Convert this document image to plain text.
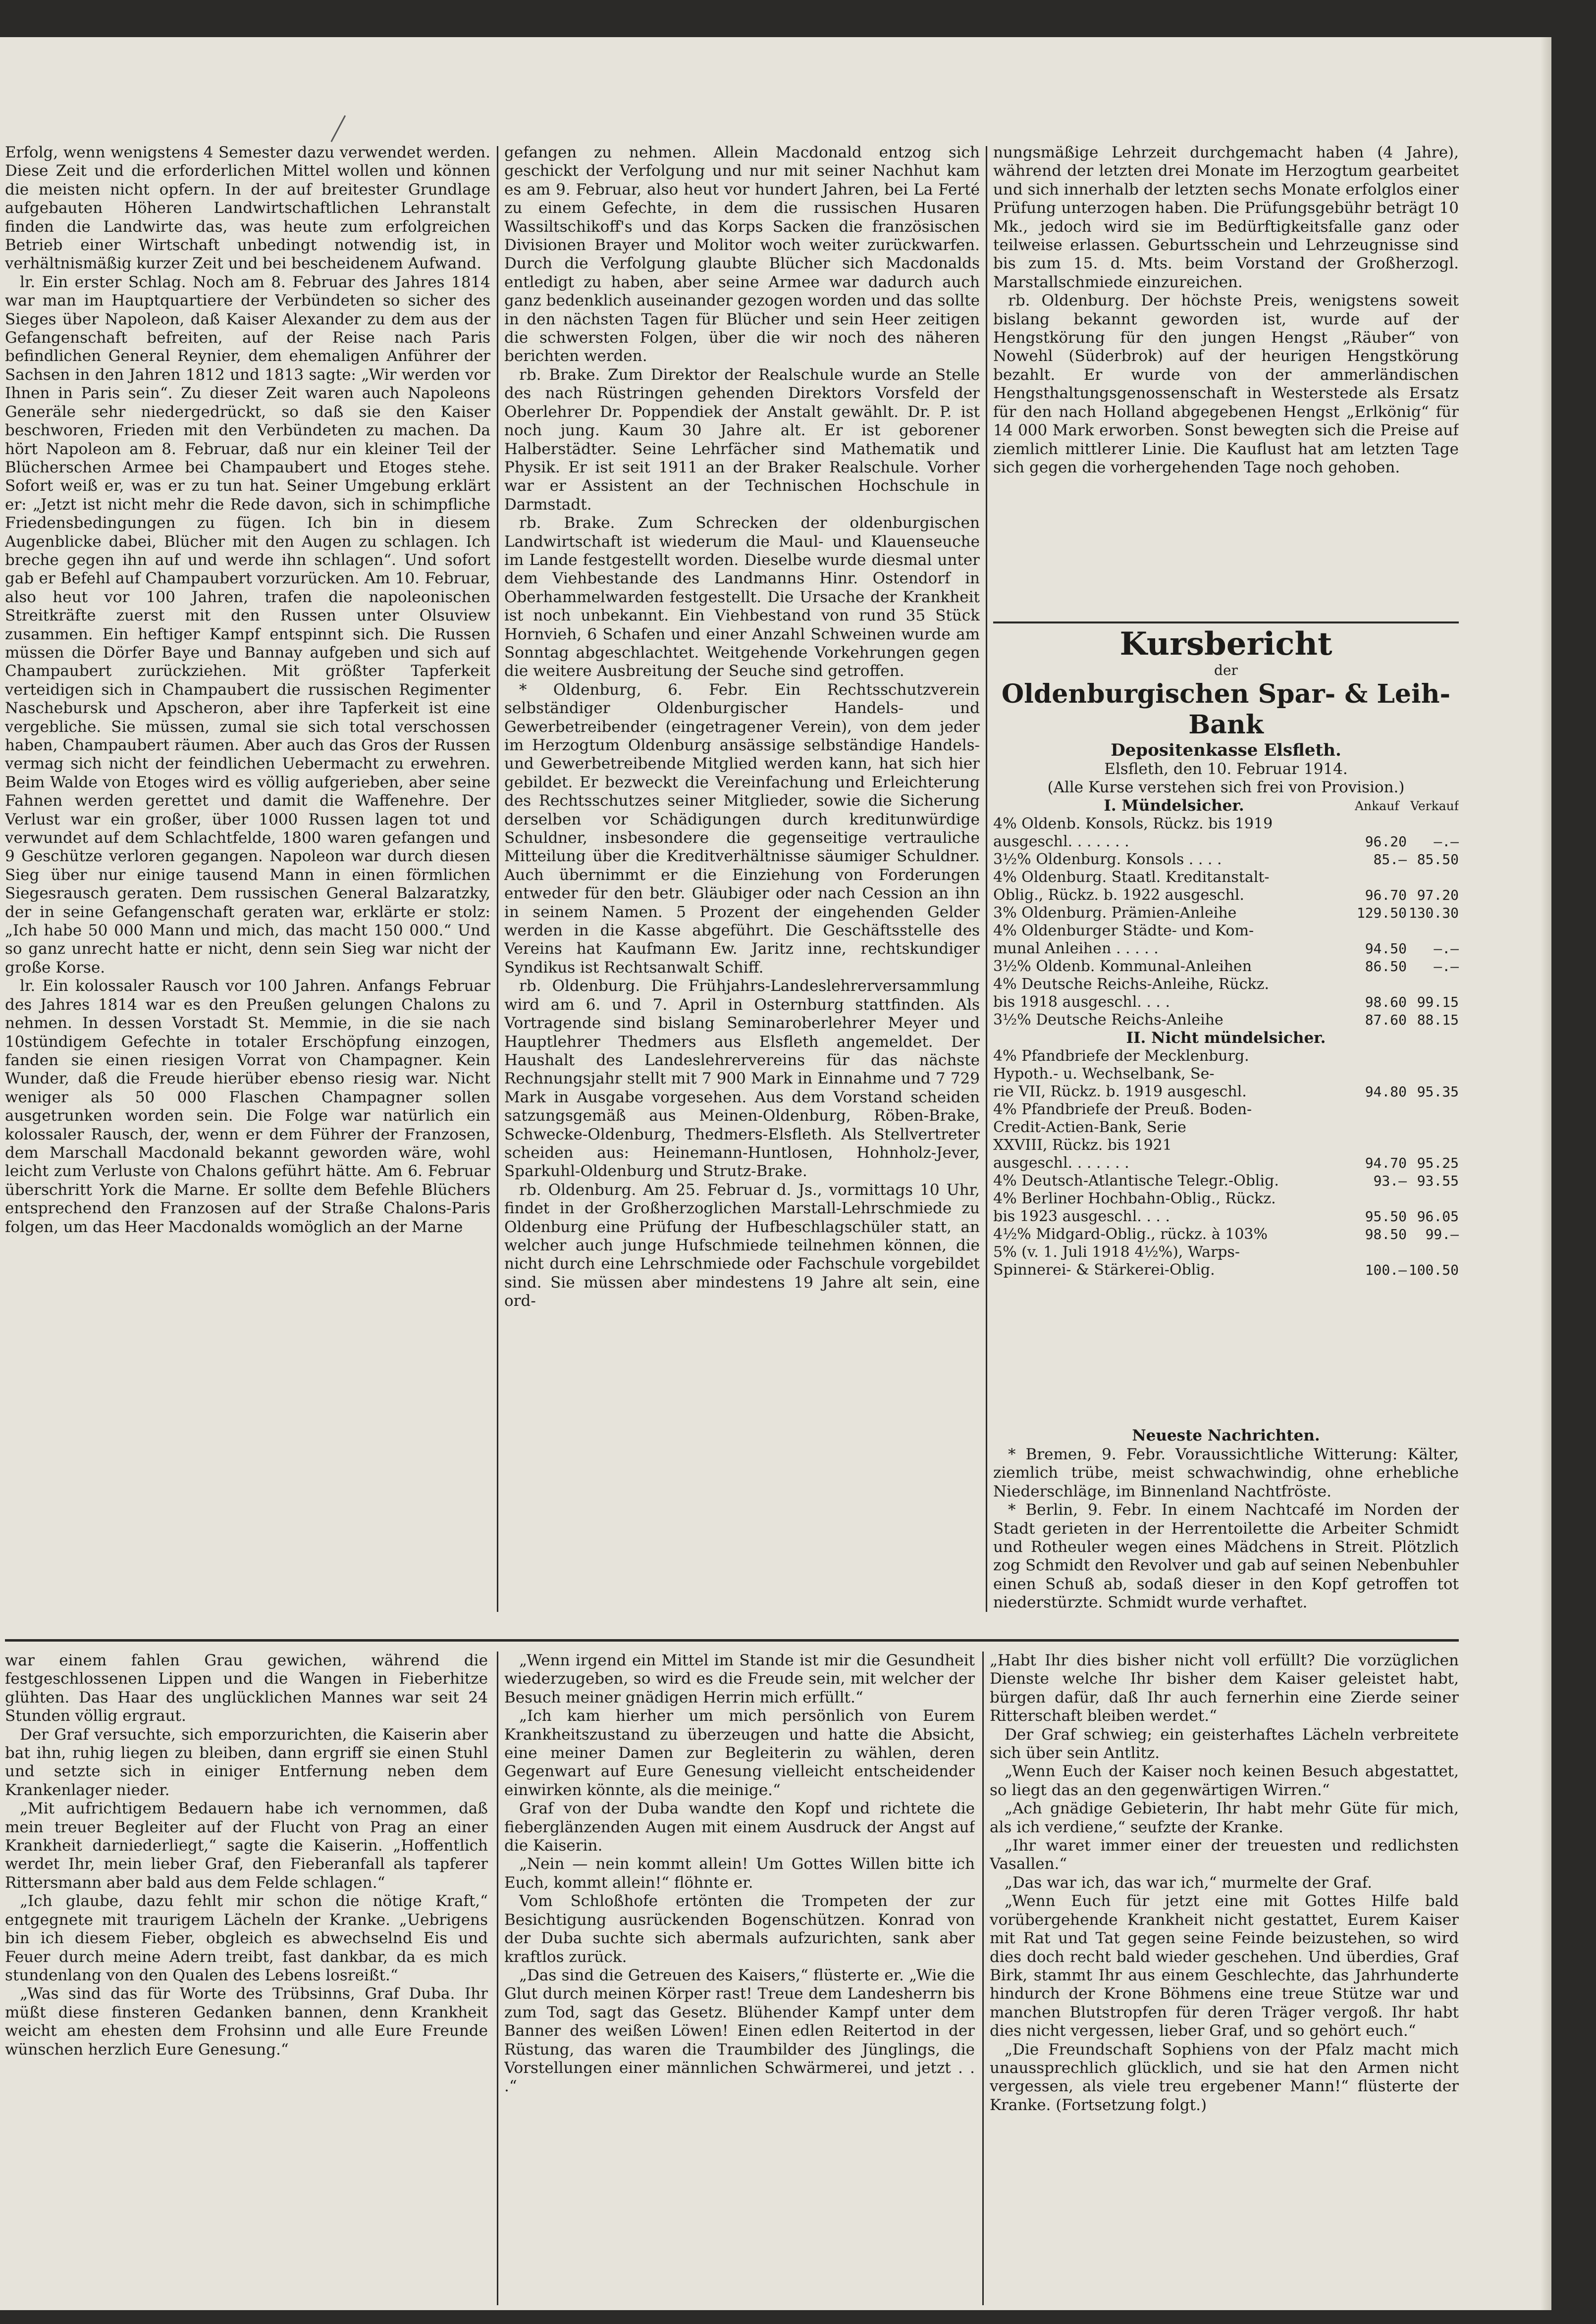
Erfolg, wenn wenigstens 4 Semester dazu verwendet werden. Diese Zeit und die erforderlichen Mittel wollen und können die meisten nicht opfern. In der auf breitester Grundlage aufgebauten Höheren Landwirtschaftlichen Lehranstalt finden die Landwirte das, was heute zum erfolgreichen Betrieb einer Wirtschaft unbedingt notwendig ist, in verhältnismäßig kurzer Zeit und bei bescheidenem Aufwand.

lr. Ein erster Schlag. Noch am 8. Februar des Jahres 1814 war man im Hauptquartiere der Verbündeten so sicher des Sieges über Napoleon, daß Kaiser Alexander zu dem aus der Gefangenschaft befreiten, auf der Reise nach Paris befindlichen General Reynier, dem ehemaligen Anführer der Sachsen in den Jahren 1812 und 1813 sagte: „Wir werden vor Ihnen in Paris sein“. Zu dieser Zeit waren auch Napoleons Generäle sehr niedergedrückt, so daß sie den Kaiser beschworen, Frieden mit den Verbündeten zu machen. Da hört Napoleon am 8. Februar, daß nur ein kleiner Teil der Blücherschen Armee bei Champaubert und Etoges stehe. Sofort weiß er, was er zu tun hat. Seiner Umgebung erklärt er: „Jetzt ist nicht mehr die Rede davon, sich in schimpfliche Friedensbedingungen zu fügen. Ich bin in diesem Augenblicke dabei, Blücher mit den Augen zu schlagen. Ich breche gegen ihn auf und werde ihn schlagen“. Und sofort gab er Befehl auf Champaubert vorzurücken. Am 10. Februar, also heut vor 100 Jahren, trafen die napoleonischen Streitkräfte zuerst mit den Russen unter Olsuview zusammen. Ein heftiger Kampf entspinnt sich. Die Russen müssen die Dörfer Baye und Bannay aufgeben und sich auf Champaubert zurückziehen. Mit größter Tapferkeit verteidigen sich in Champaubert die russischen Regimenter Naschebursk und Apscheron, aber ihre Tapferkeit ist eine vergebliche. Sie müssen, zumal sie sich total verschossen haben, Champaubert räumen. Aber auch das Gros der Russen vermag sich nicht der feindlichen Uebermacht zu erwehren. Beim Walde von Etoges wird es völlig aufgerieben, aber seine Fahnen werden gerettet und damit die Waffenehre. Der Verlust war ein großer, über 1000 Russen lagen tot und verwundet auf dem Schlachtfelde, 1800 waren gefangen und 9 Geschütze verloren gegangen. Napoleon war durch diesen Sieg über nur einige tausend Mann in einen förmlichen Siegesrausch geraten. Dem russischen General Balzaratzky, der in seine Gefangenschaft geraten war, erklärte er stolz: „Ich habe 50 000 Mann und mich, das macht 150 000.“ Und so ganz unrecht hatte er nicht, denn sein Sieg war nicht der große Korse.

lr. Ein kolossaler Rausch vor 100 Jahren. Anfangs Februar des Jahres 1814 war es den Preußen gelungen Chalons zu nehmen. In dessen Vorstadt St. Memmie, in die sie nach 10stündigem Gefechte in totaler Erschöpfung einzogen, fanden sie einen riesigen Vorrat von Champagner. Kein Wunder, daß die Freude hierüber ebenso riesig war. Nicht weniger als 50 000 Flaschen Champagner sollen ausgetrunken worden sein. Die Folge war natürlich ein kolossaler Rausch, der, wenn er dem Führer der Franzosen, dem Marschall Macdonald bekannt geworden wäre, wohl leicht zum Verluste von Chalons geführt hätte. Am 6. Februar überschritt York die Marne. Er sollte dem Befehle Blüchers entsprechend den Franzosen auf der Straße Chalons-Paris folgen, um das Heer Macdonalds womöglich an der Marne

gefangen zu nehmen. Allein Macdonald entzog sich geschickt der Verfolgung und nur mit seiner Nachhut kam es am 9. Februar, also heut vor hundert Jahren, bei La Ferté zu einem Gefechte, in dem die russischen Husaren Wassiltschikoff's und das Korps Sacken die französischen Divisionen Brayer und Molitor woch weiter zurückwarfen. Durch die Verfolgung glaubte Blücher sich Macdonalds entledigt zu haben, aber seine Armee war dadurch auch ganz bedenklich auseinander gezogen worden und das sollte in den nächsten Tagen für Blücher und sein Heer zeitigen die schwersten Folgen, über die wir noch des näheren berichten werden.

rb. Brake. Zum Direktor der Realschule wurde an Stelle des nach Rüstringen gehenden Direktors Vorsfeld der Oberlehrer Dr. Poppendiek der Anstalt gewählt. Dr. P. ist noch jung. Kaum 30 Jahre alt. Er ist geborener Halberstädter. Seine Lehrfächer sind Mathematik und Physik. Er ist seit 1911 an der Braker Realschule. Vorher war er Assistent an der Technischen Hochschule in Darmstadt.

rb. Brake. Zum Schrecken der oldenburgischen Landwirtschaft ist wiederum die Maul- und Klauenseuche im Lande festgestellt worden. Dieselbe wurde diesmal unter dem Viehbestande des Landmanns Hinr. Ostendorf in Oberhammelwarden festgestellt. Die Ursache der Krankheit ist noch unbekannt. Ein Viehbestand von rund 35 Stück Hornvieh, 6 Schafen und einer Anzahl Schweinen wurde am Sonntag abgeschlachtet. Weitgehende Vorkehrungen gegen die weitere Ausbreitung der Seuche sind getroffen.

* Oldenburg, 6. Febr. Ein Rechtsschutzverein selbständiger Oldenburgischer Handels- und Gewerbetreibender (eingetragener Verein), von dem jeder im Herzogtum Oldenburg ansässige selbständige Handels- und Gewerbetreibende Mitglied werden kann, hat sich hier gebildet. Er bezweckt die Vereinfachung und Erleichterung des Rechtsschutzes seiner Mitglieder, sowie die Sicherung derselben vor Schädigungen durch kreditunwürdige Schuldner, insbesondere die gegenseitige vertrauliche Mitteilung über die Kreditverhältnisse säumiger Schuldner. Auch übernimmt er die Einziehung von Forderungen entweder für den betr. Gläubiger oder nach Cession an ihn in seinem Namen. 5 Prozent der eingehenden Gelder werden in die Kasse abgeführt. Die Geschäftsstelle des Vereins hat Kaufmann Ew. Jaritz inne, rechtskundiger Syndikus ist Rechtsanwalt Schiff.

rb. Oldenburg. Die Frühjahrs-Landeslehrerversammlung wird am 6. und 7. April in Osternburg stattfinden. Als Vortragende sind bislang Seminaroberlehrer Meyer und Hauptlehrer Thedmers aus Elsfleth angemeldet. Der Haushalt des Landeslehrervereins für das nächste Rechnungsjahr stellt mit 7 900 Mark in Einnahme und 7 729 Mark in Ausgabe vorgesehen. Aus dem Vorstand scheiden satzungsgemäß aus Meinen-Oldenburg, Röben-Brake, Schwecke-Oldenburg, Thedmers-Elsfleth. Als Stellvertreter scheiden aus: Heinemann-Huntlosen, Hohnholz-Jever, Sparkuhl-Oldenburg und Strutz-Brake.

rb. Oldenburg. Am 25. Februar d. Js., vormittags 10 Uhr, findet in der Großherzoglichen Marstall-Lehrschmiede zu Oldenburg eine Prüfung der Hufbeschlagschüler statt, an welcher auch junge Hufschmiede teilnehmen können, die nicht durch eine Lehrschmiede oder Fachschule vorgebildet sind. Sie müssen aber mindestens 19 Jahre alt sein, eine ord-

nungsmäßige Lehrzeit durchgemacht haben (4 Jahre), während der letzten drei Monate im Herzogtum gearbeitet und sich innerhalb der letzten sechs Monate erfolglos einer Prüfung unterzogen haben. Die Prüfungsgebühr beträgt 10 Mk., jedoch wird sie im Bedürftigkeitsfalle ganz oder teilweise erlassen. Geburtsschein und Lehrzeugnisse sind bis zum 15. d. Mts. beim Vorstand der Großherzogl. Marstallschmiede einzureichen.

rb. Oldenburg. Der höchste Preis, wenigstens soweit bislang bekannt geworden ist, wurde auf der Hengstkörung für den jungen Hengst „Räuber“ von Nowehl (Süderbrok) auf der heurigen Hengstkörung bezahlt. Er wurde von der ammerländischen Hengsthaltungsgenossenschaft in Westerstede als Ersatz für den nach Holland abgegebenen Hengst „Erlkönig“ für 14 000 Mark erworben. Sonst bewegten sich die Preise auf ziemlich mittlerer Linie. Die Kauflust hat am letzten Tage sich gegen die vorhergehenden Tage noch gehoben.

Kursbericht
der
Oldenburgischen Spar- & Leih-Bank
Depositenkasse Elsfleth.
Elsfleth, den 10. Februar 1914.
(Alle Kurse verstehen sich frei von Provision.)
I. Mündelsicher.	Ankauf Verkauf
4% Oldenb. Konsols, Rückz. bis 1919
ausgeschl. . . . . . .	96.20	—.—
3½% Oldenburg. Konsols . . . .	85.— 85.50
4% Oldenburg. Staatl. Kreditanstalt-
Oblig., Rückz. b. 1922 ausgeschl.	96.70 97.20
3% Oldenburg. Prämien-Anleihe	129.50 130.30
4% Oldenburger Städte- und Kom-
munal Anleihen . . . . .	94.50	—.—
3½% Oldenb. Kommunal-Anleihen	86.50	—.—
4% Deutsche Reichs-Anleihe, Rückz.
bis 1918 ausgeschl. . . .	98.60 99.15
3½% Deutsche Reichs-Anleihe	87.60 88.15
II. Nicht mündelsicher.
4% Pfandbriefe der Mecklenburg.
Hypoth.- u. Wechselbank, Se-
rie VII, Rückz. b. 1919 ausgeschl.	94.80 95.35
4% Pfandbriefe der Preuß. Boden-
Credit-Actien-Bank, Serie
XXVIII, Rückz. bis 1921
ausgeschl. . . . . . .	94.70 95.25
4% Deutsch-Atlantische Telegr.-Oblig.	93.— 93.55
4% Berliner Hochbahn-Oblig., Rückz.
bis 1923 ausgeschl. . . .	95.50 96.05
4½% Midgard-Oblig., rückz. à 103%	98.50	99.—
5% (v. 1. Juli 1918 4½%), Warps-
Spinnerei- & Stärkerei-Oblig.	100.— 100.50
Neueste Nachrichten.

* Bremen, 9. Febr. Voraussichtliche Witterung: Kälter, ziemlich trübe, meist schwachwindig, ohne erhebliche Niederschläge, im Binnenland Nachtfröste.

* Berlin, 9. Febr. In einem Nachtcafé im Norden der Stadt gerieten in der Herrentoilette die Arbeiter Schmidt und Rotheuler wegen eines Mädchens in Streit. Plötzlich zog Schmidt den Revolver und gab auf seinen Nebenbuhler einen Schuß ab, sodaß dieser in den Kopf getroffen tot niederstürzte. Schmidt wurde verhaftet.

war einem fahlen Grau gewichen, während die festgeschlossenen Lippen und die Wangen in Fieberhitze glühten. Das Haar des unglücklichen Mannes war seit 24 Stunden völlig ergraut.

Der Graf versuchte, sich emporzurichten, die Kaiserin aber bat ihn, ruhig liegen zu bleiben, dann ergriff sie einen Stuhl und setzte sich in einiger Entfernung neben dem Krankenlager nieder.

„Mit aufrichtigem Bedauern habe ich vernommen, daß mein treuer Begleiter auf der Flucht von Prag an einer Krankheit darniederliegt,“ sagte die Kaiserin. „Hoffentlich werdet Ihr, mein lieber Graf, den Fieberanfall als tapferer Rittersmann aber bald aus dem Felde schlagen.“

„Ich glaube, dazu fehlt mir schon die nötige Kraft,“ entgegnete mit traurigem Lächeln der Kranke. „Uebrigens bin ich diesem Fieber, obgleich es abwechselnd Eis und Feuer durch meine Adern treibt, fast dankbar, da es mich stundenlang von den Qualen des Lebens losreißt.“

„Was sind das für Worte des Trübsinns, Graf Duba. Ihr müßt diese finsteren Gedanken bannen, denn Krankheit weicht am ehesten dem Frohsinn und alle Eure Freunde wünschen herzlich Eure Genesung.“

„Wenn irgend ein Mittel im Stande ist mir die Gesundheit wiederzugeben, so wird es die Freude sein, mit welcher der Besuch meiner gnädigen Herrin mich erfüllt.“

„Ich kam hierher um mich persönlich von Eurem Krankheitszustand zu überzeugen und hatte die Absicht, eine meiner Damen zur Begleiterin zu wählen, deren Gegenwart auf Eure Genesung vielleicht entscheidender einwirken könnte, als die meinige.“

Graf von der Duba wandte den Kopf und richtete die fieberglänzenden Augen mit einem Ausdruck der Angst auf die Kaiserin.

„Nein — nein kommt allein! Um Gottes Willen bitte ich Euch, kommt allein!“ flöhnte er.

Vom Schloßhofe ertönten die Trompeten der zur Besichtigung ausrückenden Bogenschützen. Konrad von der Duba suchte sich abermals aufzurichten, sank aber kraftlos zurück.

„Das sind die Getreuen des Kaisers,“ flüsterte er. „Wie die Glut durch meinen Körper rast! Treue dem Landesherrn bis zum Tod, sagt das Gesetz. Blühender Kampf unter dem Banner des weißen Löwen! Einen edlen Reitertod in der Rüstung, das waren die Traumbilder des Jünglings, die Vorstellungen einer männlichen Schwärmerei, und jetzt . . .“

„Habt Ihr dies bisher nicht voll erfüllt? Die vorzüglichen Dienste welche Ihr bisher dem Kaiser geleistet habt, bürgen dafür, daß Ihr auch fernerhin eine Zierde seiner Ritterschaft bleiben werdet.“

Der Graf schwieg; ein geisterhaftes Lächeln verbreitete sich über sein Antlitz.

„Wenn Euch der Kaiser noch keinen Besuch abgestattet, so liegt das an den gegenwärtigen Wirren.“

„Ach gnädige Gebieterin, Ihr habt mehr Güte für mich, als ich verdiene,“ seufzte der Kranke.

„Ihr waret immer einer der treuesten und redlichsten Vasallen.“

„Das war ich, das war ich,“ murmelte der Graf.

„Wenn Euch für jetzt eine mit Gottes Hilfe bald vorübergehende Krankheit nicht gestattet, Eurem Kaiser mit Rat und Tat gegen seine Feinde beizustehen, so wird dies doch recht bald wieder geschehen. Und überdies, Graf Birk, stammt Ihr aus einem Geschlechte, das Jahrhunderte hindurch der Krone Böhmens eine treue Stütze war und manchen Blutstropfen für deren Träger vergoß. Ihr habt dies nicht vergessen, lieber Graf, und so gehört euch.“

„Die Freundschaft Sophiens von der Pfalz macht mich unaussprechlich glücklich, und sie hat den Armen nicht vergessen, als viele treu ergebener Mann!“ flüsterte der Kranke. (Fortsetzung folgt.)
